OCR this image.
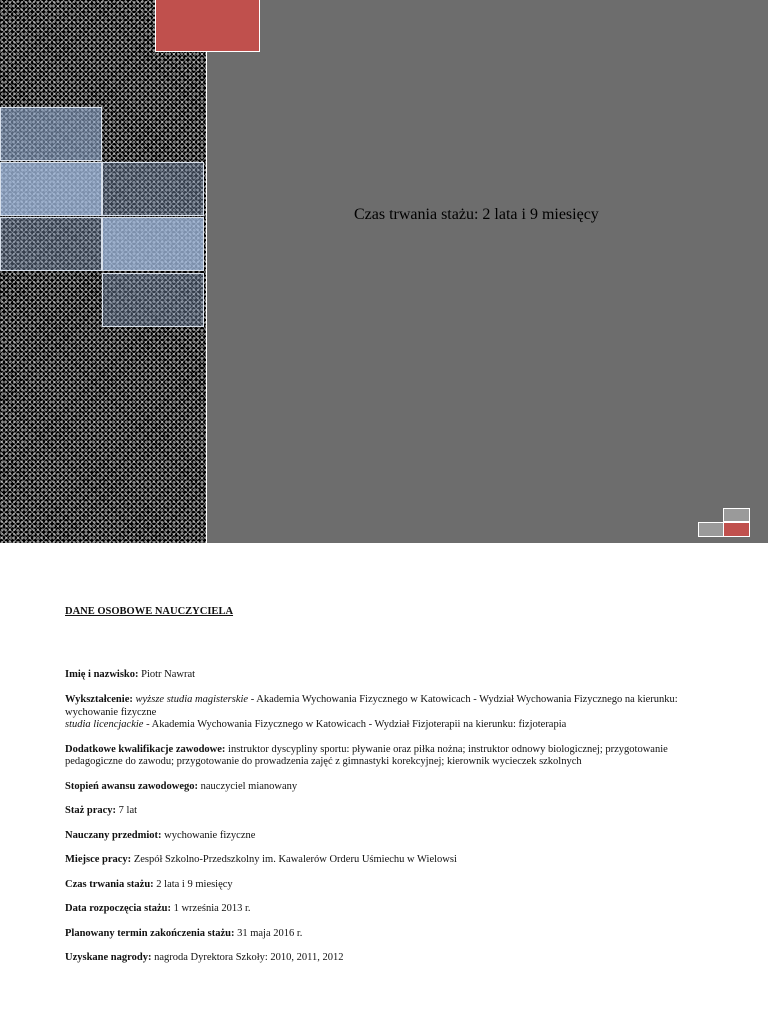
Czas trwania stażu: 2 lata i 9 miesięcy

DANE OSOBOWE NAUCZYCIELA

Imię i nazwisko: Piotr Nawrat

Wykształcenie: wyższe studia magisterskie - Akademia Wychowania Fizycznego w Katowicach - Wydział Wychowania Fizycznego na kierunku: wychowanie fizyczne
studia licencjackie - Akademia Wychowania Fizycznego w Katowicach - Wydział Fizjoterapii na kierunku: fizjoterapia

Dodatkowe kwalifikacje zawodowe: instruktor dyscypliny sportu: pływanie oraz piłka nożna; instruktor odnowy biologicznej; przygotowanie pedagogiczne do zawodu; przygotowanie do prowadzenia zajęć z gimnastyki korekcyjnej; kierownik wycieczek szkolnych

Stopień awansu zawodowego: nauczyciel mianowany

Staż pracy: 7 lat

Nauczany przedmiot: wychowanie fizyczne

Miejsce pracy: Zespół Szkolno-Przedszkolny im. Kawalerów Orderu Uśmiechu w Wielowsi

Czas trwania stażu: 2 lata i 9 miesięcy

Data rozpoczęcia stażu: 1 września 2013 r.

Planowany termin zakończenia stażu: 31 maja 2016 r.

Uzyskane nagrody: nagroda Dyrektora Szkoły: 2010, 2011, 2012
